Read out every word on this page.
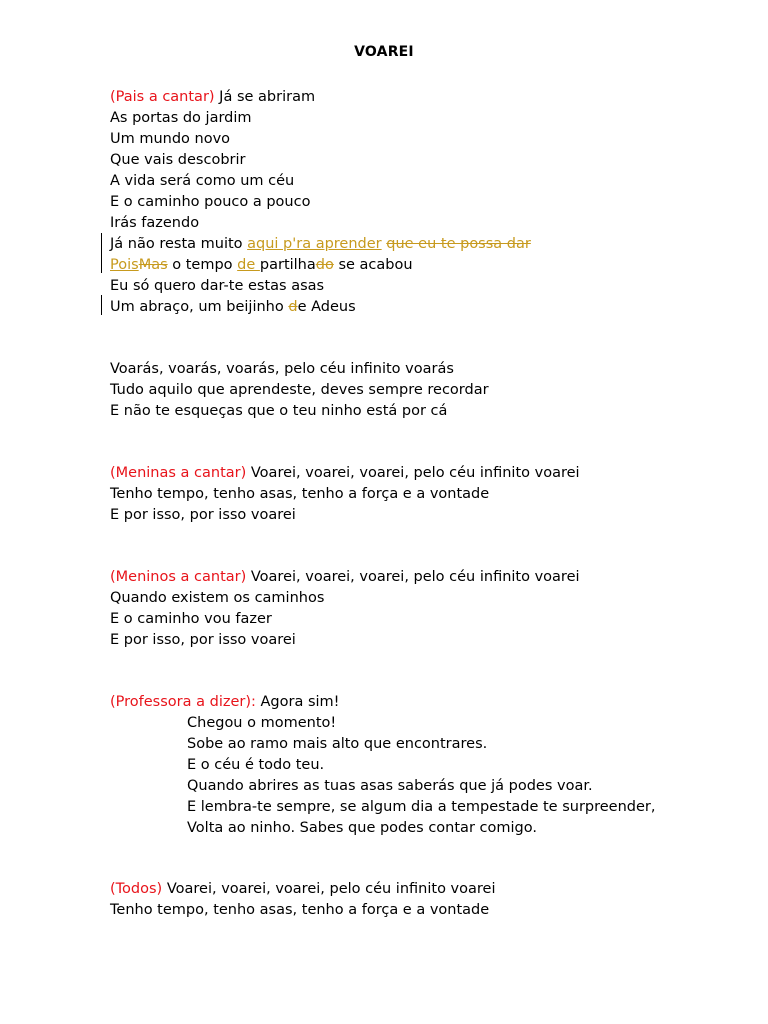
VOAREI
(Pais a cantar) Já se abriram
As portas do jardim
Um mundo novo
Que vais descobrir
A vida será como um céu
E o caminho pouco a pouco
Irás fazendo
Já não resta muito aqui p'ra aprender que eu te possa dar
PoisMas o tempo de partilhado se acabou
Eu só quero dar-te estas asas
Um abraço, um beijinho de Adeus
Voarás, voarás, voarás, pelo céu infinito voarás
Tudo aquilo que aprendeste, deves sempre recordar
E não te esqueças que o teu ninho está por cá
(Meninas a cantar) Voarei, voarei, voarei, pelo céu infinito voarei
Tenho tempo, tenho asas, tenho a força e a vontade
E por isso, por isso voarei
(Meninos a cantar) Voarei, voarei, voarei, pelo céu infinito voarei
Quando existem os caminhos
E o caminho vou fazer
E por isso, por isso voarei
(Professora a dizer): Agora sim!
Chegou o momento!
Sobe ao ramo mais alto que encontrares.
E o céu é todo teu.
Quando abrires as tuas asas saberás que já podes voar.
E lembra-te sempre, se algum dia a tempestade te surpreender,
Volta ao ninho. Sabes que podes contar comigo.
(Todos) Voarei, voarei, voarei, pelo céu infinito voarei
Tenho tempo, tenho asas, tenho a força e a vontade
